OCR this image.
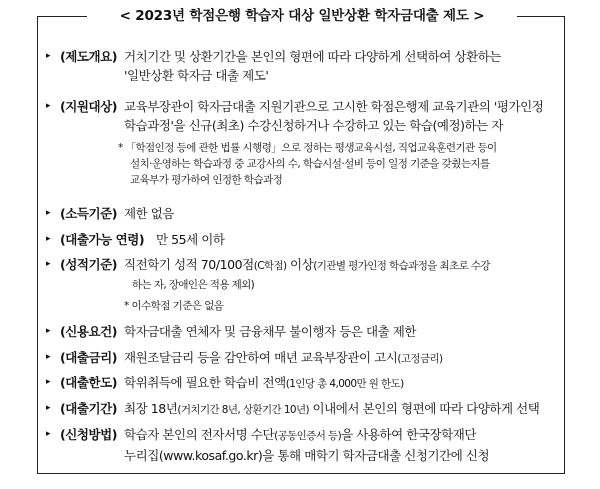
< 2023년 학점은행 학습자 대상 일반상환 학자금대출 제도 >
▸ (제도개요) 거치기간 및 상환기간을 본인의 형편에 따라 다양하게 선택하여 상환하는
'일반상환 학자금 대출 제도'
▸ (지원대상) 교육부장관이 학자금대출 지원기관으로 고시한 학점은행제 교육기관의 '평가인정
학습과정'을 신규(최초) 수강신청하거나 수강하고 있는 학습(예정)하는 자
* 「학점인정 등에 관한 법률 시행령」으로 정하는 평생교육시설, 직업교육훈련기관 등이
설치·운영하는 학습과정 중 교강사의 수, 학습시설·설비 등이 일정 기준을 갖췄는지를
교육부가 평가하여 인정한 학습과정
▸ (소득기준) 제한 없음
▸ (대출가능 연령) 만 55세 이하
▸ (성적기준) 직전학기 성적 70/100점(C학점) 이상(기관별 평가인정 학습과정을 최초로 수강
하는 자, 장애인은 적용 제외)
* 이수학점 기준은 없음
▸ (신용요건) 학자금대출 연체자 및 금융채무 불이행자 등은 대출 제한
▸ (대출금리) 재원조달금리 등을 감안하여 매년 교육부장관이 고시(고정금리)
▸ (대출한도) 학위취득에 필요한 학습비 전액(1인당 총 4,000만 원 한도)
▸ (대출기간) 최장 18년(거치기간 8년, 상환기간 10년) 이내에서 본인의 형편에 따라 다양하게 선택
▸ (신청방법) 학습자 본인의 전자서명 수단(공동인증서 등)을 사용하여 한국장학재단
누리집(www.kosaf.go.kr)을 통해 매학기 학자금대출 신청기간에 신청
